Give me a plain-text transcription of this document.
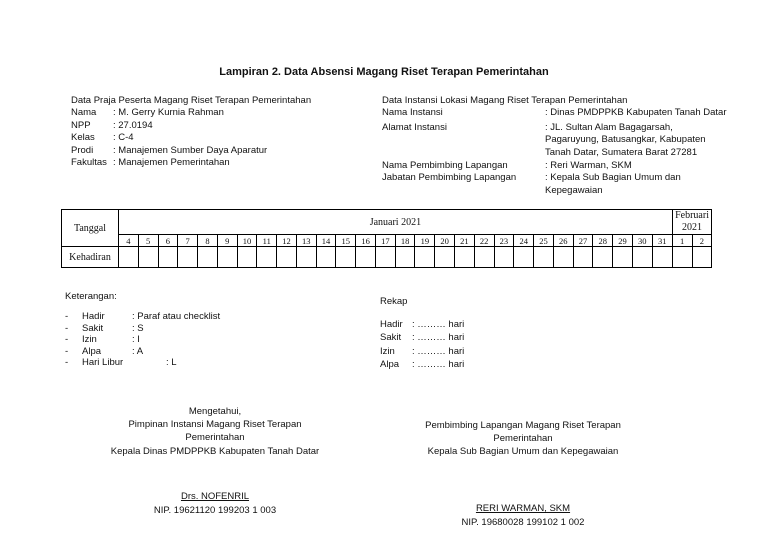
Lampiran 2. Data Absensi Magang Riset Terapan Pemerintahan
Data Praja Peserta Magang Riset Terapan Pemerintahan
Nama	: M. Gerry Kurnia Rahman
NPP	: 27.0194
Kelas	: C-4
Prodi	: Manajemen Sumber Daya Aparatur
Fakultas : Manajemen Pemerintahan
Data Instansi Lokasi Magang Riset Terapan Pemerintahan
Nama Instansi	: Dinas PMDPPKB Kabupaten Tanah Datar
Alamat Instansi	: JL. Sultan Alam Bagagarsah, Pagaruyung, Batusangkar, Kabupaten Tanah Datar, Sumatera Barat 27281
Nama Pembimbing Lapangan	: Reri Warman, SKM
Jabatan Pembimbing Lapangan	: Kepala Sub Bagian Umum dan Kepegawaian
Tanggal	Januari 2021																												Februari 2021	
	4	5	6	7	8	9	10	11	12	13	14	15	16	17	18	19	20	21	22	23	24	25	26	27	28	29	30	31	1	2
Kehadiran																														
Keterangan:
-	Hadir	: Paraf atau checklist
-	Sakit	: S
-	Izin	: I
-	Alpa	: A
-	Hari Libur	: L
Rekap
Hadir : ……… hari
Sakit	: ……… hari
Izin	: ……… hari
Alpa	: ……… hari
Mengetahui,
Pimpinan Instansi Magang Riset Terapan
Pemerintahan
Kepala Dinas PMDPPKB Kabupaten Tanah Datar
Drs. NOFENRIL
NIP. 19621120 199203 1 003
Pembimbing Lapangan Magang Riset Terapan
Pemerintahan
Kepala Sub Bagian Umum dan Kepegawaian
RERI WARMAN, SKM
NIP. 19680028 199102 1 002
